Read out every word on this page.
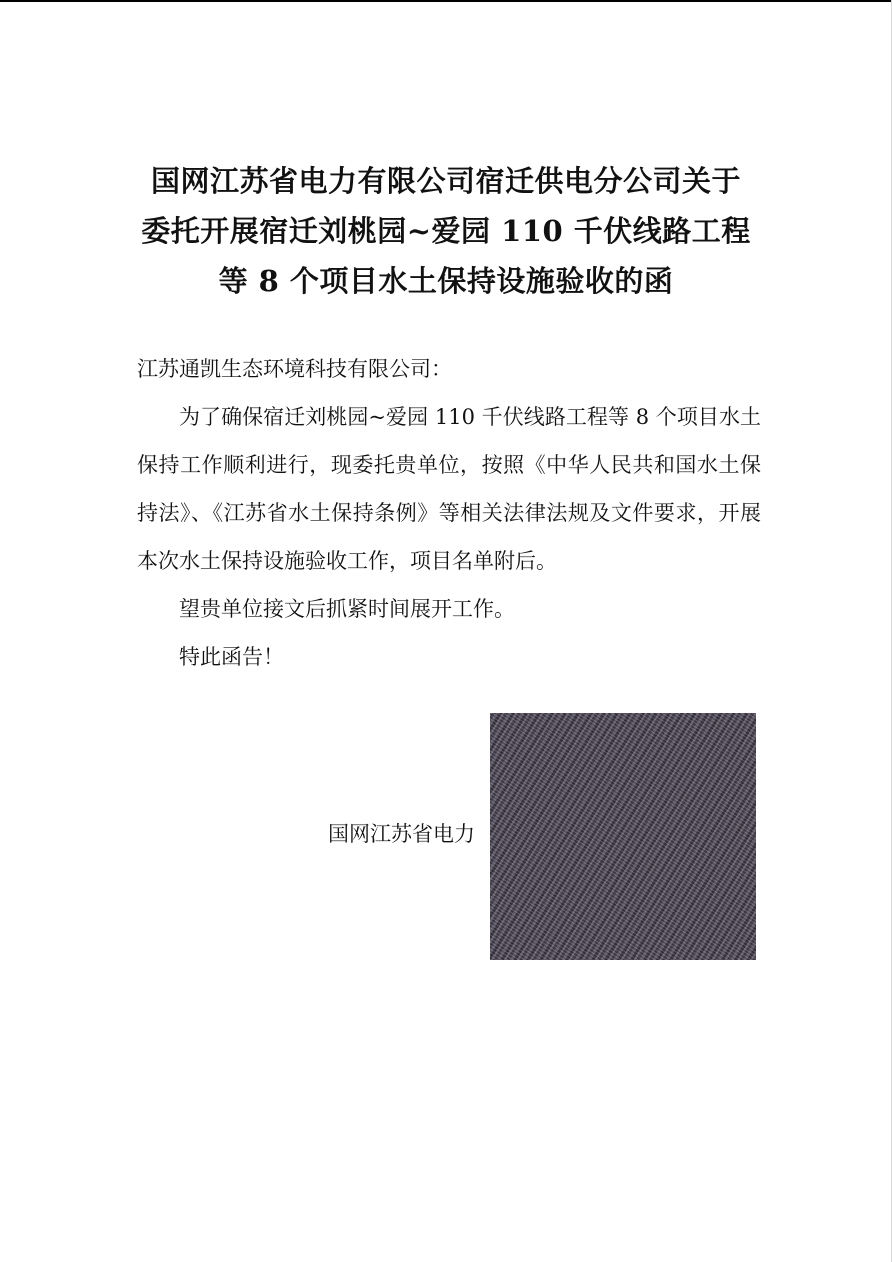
国网江苏省电力有限公司宿迁供电分公司关于
委托开展宿迁刘桃园~爱园 110 千伏线路工程
等 8 个项目水土保持设施验收的函

江苏通凯生态环境科技有限公司：

为了确保宿迁刘桃园~爱园 110 千伏线路工程等 8 个项目水土保持工作顺利进行，现委托贵单位，按照《中华人民共和国水土保持法》、《江苏省水土保持条例》等相关法律法规及文件要求，开展本次水土保持设施验收工作，项目名单附后。

望贵单位接文后抓紧时间展开工作。

特此函告！

国网江苏省电力
